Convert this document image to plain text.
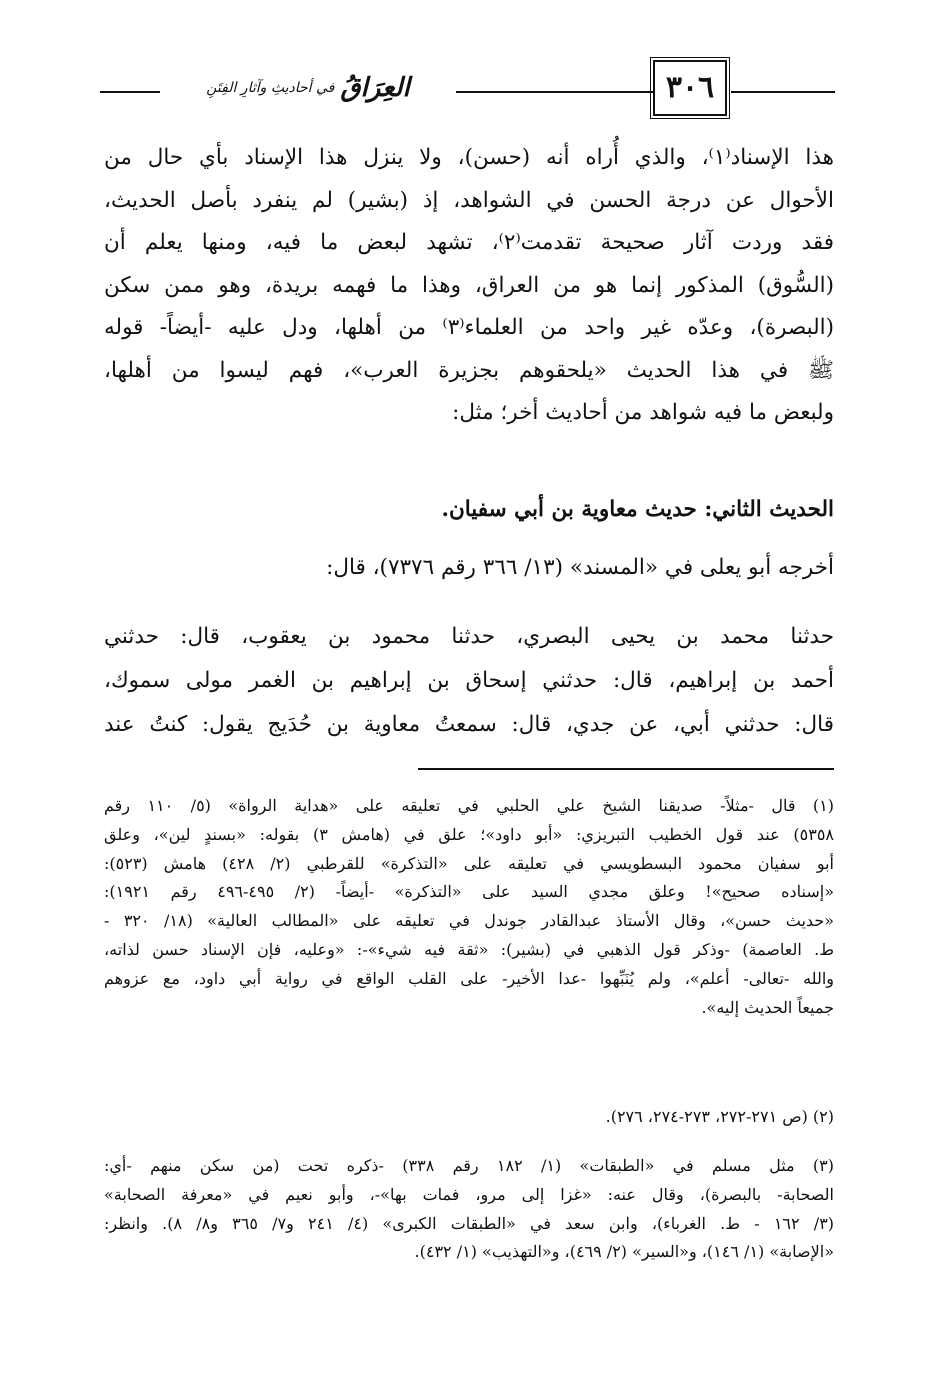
٣٠٦
العِرَاقُ
في أحاديثِ وآثارِ الفِتَنِ
هذا الإسناد⁽١⁾، والذي أُراه أنه (حسن)، ولا ينزل هذا الإسناد بأي حال من
الأحوال عن درجة الحسن في الشواهد، إذ (بشير) لم ينفرد بأصل الحديث،
فقد وردت آثار صحيحة تقدمت⁽٢⁾، تشهد لبعض ما فيه، ومنها يعلم أن
(السُّوق) المذكور إنما هو من العراق، وهذا ما فهمه بريدة، وهو ممن سكن
(البصرة)، وعدّه غير واحد من العلماء⁽٣⁾ من أهلها، ودل عليه -أيضاً- قوله
ﷺ في هذا الحديث «يلحقوهم بجزيرة العرب»، فهم ليسوا من أهلها،
ولبعض ما فيه شواهد من أحاديث أخر؛ مثل:
الحديث الثاني: حديث معاوية بن أبي سفيان.
أخرجه أبو يعلى في «المسند» (١٣/ ٣٦٦ رقم ٧٣٧٦)، قال:
حدثنا محمد بن يحيى البصري، حدثنا محمود بن يعقوب، قال: حدثني
أحمد بن إبراهيم، قال: حدثني إسحاق بن إبراهيم بن الغمر مولى سموك،
قال: حدثني أبي، عن جدي، قال: سمعتُ معاوية بن حُدَيج يقول: كنتُ عند
(١) قال -مثلاً- صديقنا الشيخ علي الحلبي في تعليقه على «هداية الرواة» (٥/ ١١٠ رقم
٥٣٥٨) عند قول الخطيب التبريزي: «أبو داود»؛ علق في (هامش ٣) بقوله: «بسندٍ لين»، وعلق
أبو سفيان محمود البسطويسي في تعليقه على «التذكرة» للقرطبي (٢/ ٤٢٨) هامش (٥٢٣):
«إسناده صحيح»! وعلق مجدي السيد على «التذكرة» -أيضاً- (٢/ ٤٩٥-٤٩٦ رقم ١٩٢١):
«حديث حسن»، وقال الأستاذ عبدالقادر جوندل في تعليقه على «المطالب العالية» (١٨/ ٣٢٠ -
ط. العاصمة) -وذكر قول الذهبي في (بشير): «ثقة فيه شيء»-: «وعليه، فإن الإسناد حسن لذاته،
والله -تعالى- أعلم»، ولم يُنَبِّهوا -عدا الأخير- على القلب الواقع في رواية أبي داود، مع عزوهم
جميعاً الحديث إليه».
(٢) (ص ٢٧١-٢٧٢، ٢٧٣-٢٧٤، ٢٧٦).
(٣) مثل مسلم في «الطبقات» (١/ ١٨٢ رقم ٣٣٨) -ذكره تحت (من سكن منهم -أي:
الصحابة- بالبصرة)، وقال عنه: «غزا إلى مرو، فمات بها»-، وأبو نعيم في «معرفة الصحابة»
(٣/ ١٦٢ - ط. الغرباء)، وابن سعد في «الطبقات الكبرى» (٤/ ٢٤١ و٧/ ٣٦٥ و٨/ ٨). وانظر:
«الإصابة» (١/ ١٤٦)، و«السير» (٢/ ٤٦٩)، و«التهذيب» (١/ ٤٣٢).
